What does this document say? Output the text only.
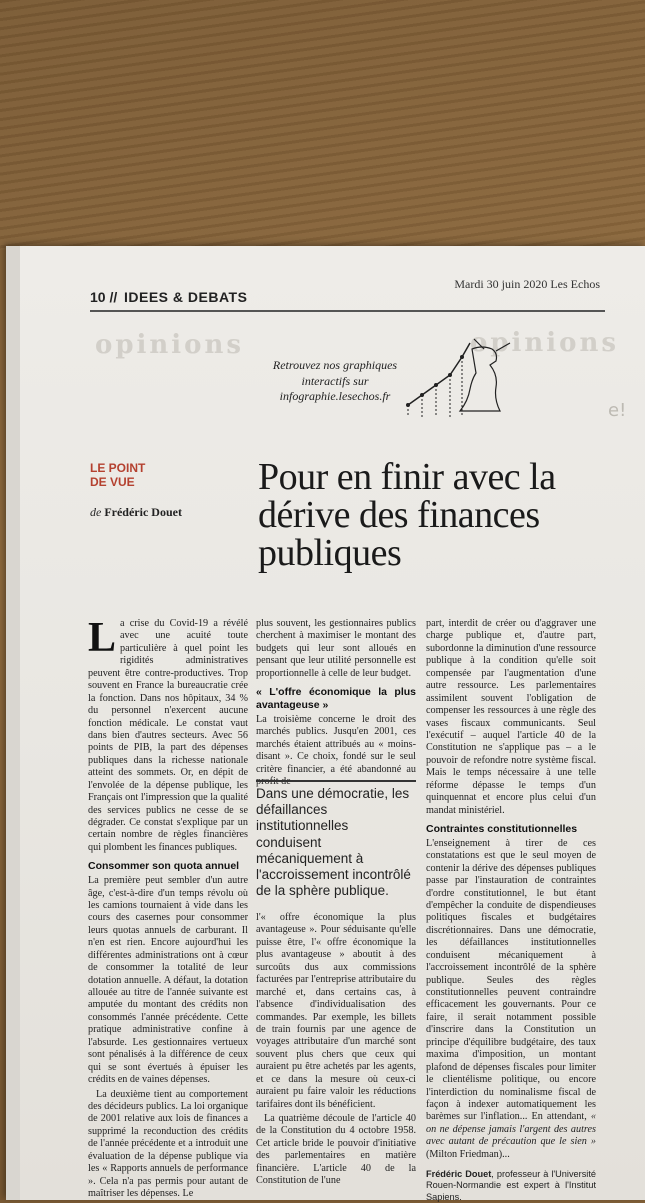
opinions	opinions
e!
10 // IDEES & DEBATS
Mardi 30 juin 2020 Les Echos
Retrouvez nos graphiques interactifs sur infographie.lesechos.fr
LE POINT
DE VUE
de Frédéric Douet
Pour en finir avec la dérive des finances publiques

L a crise du Covid-19 a révélé avec une acuité toute particulière à quel point les rigidités administratives peuvent être contre-productives. Trop souvent en France la bureaucratie crée la fonction. Dans nos hôpitaux, 34 % du personnel n'exercent aucune fonction médicale. Le constat vaut dans bien d'autres secteurs. Avec 56 points de PIB, la part des dépenses publiques dans la richesse nationale atteint des sommets. Or, en dépit de l'envolée de la dépense publique, les Français ont l'impression que la qualité des services publics ne cesse de se dégrader. Ce constat s'explique par un certain nombre de règles financières qui plombent les finances publiques.

Consommer son quota annuel

La première peut sembler d'un autre âge, c'est-à-dire d'un temps révolu où les camions tournaient à vide dans les cours des casernes pour consommer leurs quotas annuels de carburant. Il n'en est rien. Encore aujourd'hui les différentes administrations ont à cœur de consommer la totalité de leur dotation annuelle. A défaut, la dotation allouée au titre de l'année suivante est amputée du montant des crédits non consommés l'année précédente. Cette pratique administrative confine à l'absurde. Les gestionnaires vertueux sont pénalisés à la différence de ceux qui se sont évertués à épuiser les crédits en de vaines dépenses.

La deuxième tient au comportement des décideurs publics. La loi organique de 2001 relative aux lois de finances a supprimé la reconduction des crédits de l'année précédente et a introduit une évaluation de la dépense publique via les « Rapports annuels de performance ». Cela n'a pas permis pour autant de maîtriser les dépenses. Le

plus souvent, les gestionnaires publics cherchent à maximiser le montant des budgets qui leur sont alloués en pensant que leur utilité personnelle est proportionnelle à celle de leur budget.

« L'offre économique la plus avantageuse »

La troisième concerne le droit des marchés publics. Jusqu'en 2001, ces marchés étaient attribués au « moins-disant ». Ce choix, fondé sur le seul critère financier, a été abandonné au profit de

Dans une démocratie, les défaillances institutionnelles conduisent mécaniquement à l'accroissement incontrôlé de la sphère publique.

l'« offre économique la plus avantageuse ». Pour séduisante qu'elle puisse être, l'« offre économique la plus avantageuse » aboutit à des surcoûts dus aux commissions facturées par l'entreprise attributaire du marché et, dans certains cas, à l'absence d'individualisation des commandes. Par exemple, les billets de train fournis par une agence de voyages attributaire d'un marché sont souvent plus chers que ceux qui auraient pu être achetés par les agents, et ce dans la mesure où ceux-ci auraient pu faire valoir les réductions tarifaires dont ils bénéficient.

La quatrième découle de l'article 40 de la Constitution du 4 octobre 1958. Cet article bride le pouvoir d'initiative des parlementaires en matière financière. L'article 40 de la Constitution de l'une

part, interdit de créer ou d'aggraver une charge publique et, d'autre part, subordonne la diminution d'une ressource publique à la condition qu'elle soit compensée par l'augmentation d'une autre ressource. Les parlementaires assimilent souvent l'obligation de compenser les ressources à une règle des vases fiscaux communicants. Seul l'exécutif – auquel l'article 40 de la Constitution ne s'applique pas – a le pouvoir de refondre notre système fiscal. Mais le temps nécessaire à une telle réforme dépasse le temps d'un quinquennat et encore plus celui d'un mandat ministériel.

Contraintes constitutionnelles

L'enseignement à tirer de ces constatations est que le seul moyen de contenir la dérive des dépenses publiques passe par l'instauration de contraintes d'ordre constitutionnel, le but étant d'empêcher la conduite de dispendieuses politiques fiscales et budgétaires discrétionnaires. Dans une démocratie, les défaillances institutionnelles conduisent mécaniquement à l'accroissement incontrôlé de la sphère publique. Seules des règles constitutionnelles peuvent contraindre efficacement les gouvernants. Pour ce faire, il serait notamment possible d'inscrire dans la Constitution un principe d'équilibre budgétaire, des taux maxima d'imposition, un montant plafond de dépenses fiscales pour limiter le clientélisme politique, ou encore l'interdiction du nominalisme fiscal de façon à indexer automatiquement les barèmes sur l'inflation... En attendant, « on ne dépense jamais l'argent des autres avec autant de précaution que le sien » (Milton Friedman)...

Frédéric Douet, professeur à l'Université Rouen-Normandie est expert à l'Institut Sapiens.
